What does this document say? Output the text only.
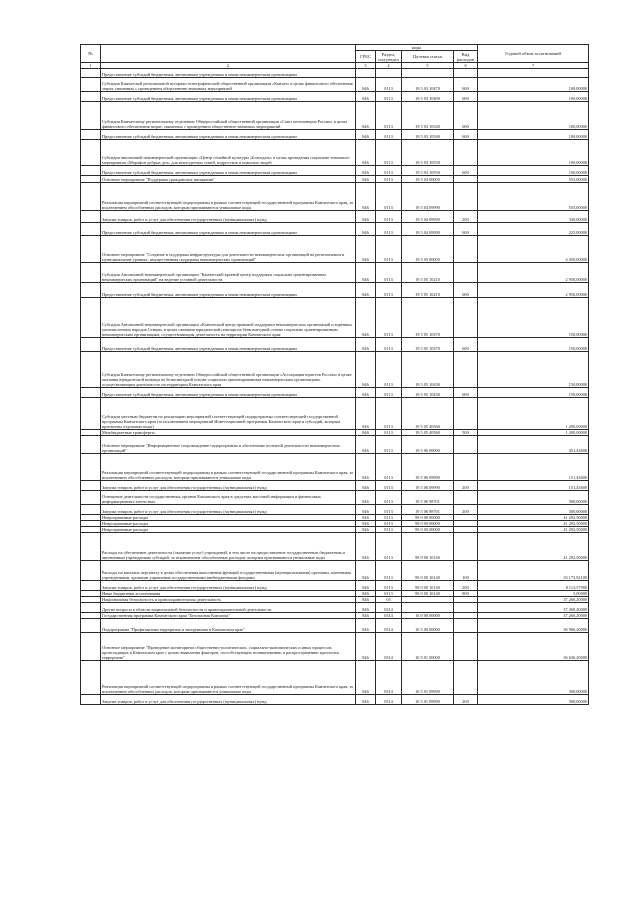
№		коды				Годовой объем ассигнований
		ГРБС	Раздел, под-раздел	Целевая статья	Вид расходов	
1	2	3	4	5	6	7
	Предоставление субсидий бюджетным, автономным учреждениям и иным некоммерческим организациям					
	Субсидия Камчатской региональной историко-этнографической общественной организации «Кончат» в целях финансового обеспечения затрат, связанных с проведением общественно-значимых мероприятий	846	0113	19 5 03 10470	600	100,00000
	Предоставление субсидий бюджетным, автономным учреждениям и иным некоммерческим организациям	846	0113	19 5 03 10490	600	100,00000
	Субсидия Камчатскому региональному отделению Общероссийской общественной организации «Союз пенсионеров России» в целях финансового обеспечения затрат, связанных с проведением общественно-значимых мероприятий	846	0113	19 5 03 10540	600	100,00000
	Предоставление субсидий бюджетным, автономным учреждениям и иным некоммерческим организациям	846	0113	19 5 03 10540	600	100,00000
	Субсидия автономной некоммерческой организации «Центр семейной культуры «Благодать» в целях проведения социально-значимого мероприятия «Марафон добрых дел» для многодетных семей, подростков и пожилых людей	846	0113	19 5 03 10550		100,00000
	Предоставление субсидий бюджетным, автономным учреждениям и иным некоммерческим организациям	846	0113	19 5 03 10550	600	100,00000
	Основное мероприятие "Поддержка гражданских инициатив"	846	0113	19 5 04 00000		555,00000
	Реализация мероприятий соответствующей подпрограммы в рамках соответствующей государственной программы Камчатского края, за исключением обособленных расходов, которым присваиваются уникальные коды	846	0113	19 5 04 09990		555,00000
	Закупка товаров, работ и услуг для обеспечения государственных (муниципальных) нужд	846	0113	19 5 04 09990	200	330,00000
	Предоставление субсидий бюджетным, автономным учреждениям и иным некоммерческим организациям	846	0113	19 5 04 09990	600	225,00000
	Основное мероприятие "Создание и поддержка инфраструктуры для деятельности некоммерческих организаций на региональном и муниципальном уровнях, имущественная поддержка некоммерческих организаций"	846	0113	19 5 05 00000		4 450,00000
	Субсидия Автономной некоммерческой организации "Камчатский краевой центр поддержки социально ориентированных некоммерческих организаций" на ведение уставной деятельности	846	0113	19 5 05 10210		2 950,00000
	Предоставление субсидий бюджетным, автономным учреждениям и иным некоммерческим организациям	846	0113	19 5 05 10210	600	2 950,00000
	Субсидия Автономной некоммерческой организации «Камчатский центр правовой поддержки некоммерческих организаций и коренных малочисленных народов Севера» в целях оказания юридической помощи на безвозмездной основе социально ориентированным некоммерческим организациям, осуществляющим деятельность на территории Камчатского края	846	0113	19 5 05 10370		150,00000
	Предоставление субсидий бюджетным, автономным учреждениям и иным некоммерческим организациям	846	0113	19 5 05 10370	600	150,00000
	Субсидия Камчатскому региональному отделению Общероссийской общественной организации «Ассоциация юристов России» в целях оказания юридической помощи на безвозмездной основе социально ориентированным некоммерческим организациям, осуществляющим деятельность на территории Камчатского края	846	0113	19 5 05 10430		150,00000
	Предоставление субсидий бюджетным, автономным учреждениям и иным некоммерческим организациям	846	0113	19 5 05 10430	600	150,00000
	Субсидии местным бюджетам на реализацию мероприятий соответствующей подпрограммы соответствующей государственной программы Камчатского края (за исключением мероприятий Инвестиционной программы Камчатского края и субсидий, которым присвоены отдельные коды)	846	0113	19 5 05 40560		1 200,00000
	Межбюджетные трансферты	846	0113	19 5 05 40560	500	1 200,00000
	Основное мероприятие "Информационное сопровождение подпрограммы и обеспечение полезной деятельности некоммерческих организаций"	846	0113	19 5 06 00000		451,43600
	Реализация мероприятий соответствующей подпрограммы в рамках соответствующей государственной программы Камчатского края, за исключением обособленных расходов, которым присваиваются уникальные коды	846	0113	19 5 06 09990		151,43600
	Закупка товаров, работ и услуг для обеспечения государственных (муниципальных) нужд	846	0113	19 5 06 09990	200	151,43600
	Освещение деятельности государственных органов Камчатского края в средствах массовой информации и финансовых информационных агентствах	846	0113	19 5 06 98701		300,00000
	Закупка товаров, работ и услуг для обеспечения государственных (муниципальных) нужд	846	0113	19 5 06 98701	200	300,00000
	Непрограммные расходы	846	0113	99 0 00 00000		41 292,50000
	Непрограммные расходы	846	0113	99 0 00 00000		41 292,50000
	Непрограммные расходы	846	0113	99 0 00 00000		41 292,50000
	Расходы на обеспечение деятельности (оказание услуг) учреждений, в том числе на предоставление государственным бюджетным и автономным учреждениям субсидий, за исключением обособленных расходов, которым присваиваются уникальные коды	846	0113	99 0 00 10140		41 292,50000
	Расходы на выплаты персоналу в целях обеспечения выполнения функций государственными (муниципальными) органами, казенными учреждениями, органами управления государственными внебюджетными фондами	846	0113	99 0 00 10140	100	33 173,92100
	Закупка товаров, работ и услуг для обеспечения государственных (муниципальных) нужд	846	0113	99 0 00 10140	200	8 113,57900
	Иные бюджетные ассигнования	846	0113	99 0 00 10140	800	5,00000
	Национальная безопасность и правоохранительная деятельность	846	03			37 260,20000
	Другие вопросы в области национальной безопасности и правоохранительной деятельности	846	0314			37 260,20000
	Государственная программа Камчатского края "Безопасная Камчатка"	846	0314	16 0 00 00000		37 260,20000
	Подпрограмма "Профилактика терроризма и экстремизма в Камчатском крае"	846	0314	16 5 00 00000		36 960,20000
	Основное мероприятие "Проведение мониторинга общественно-политических, социально-экономических и иных процессов, происходящих в Камчатском крае с целью выявления факторов, способствующих возникновению и распространению идеологии терроризма"	846	0314	16 5 01 00000		36 636,20000
	Реализация мероприятий соответствующей подпрограммы в рамках соответствующей государственной программы Камчатского края, за исключением обособленных расходов, которым присваиваются уникальные коды	846	0314	16 5 01 09990		300,00000
	Закупка товаров, работ и услуг для обеспечения государственных (муниципальных) нужд	846	0314	16 5 01 09990	200	300,00000
